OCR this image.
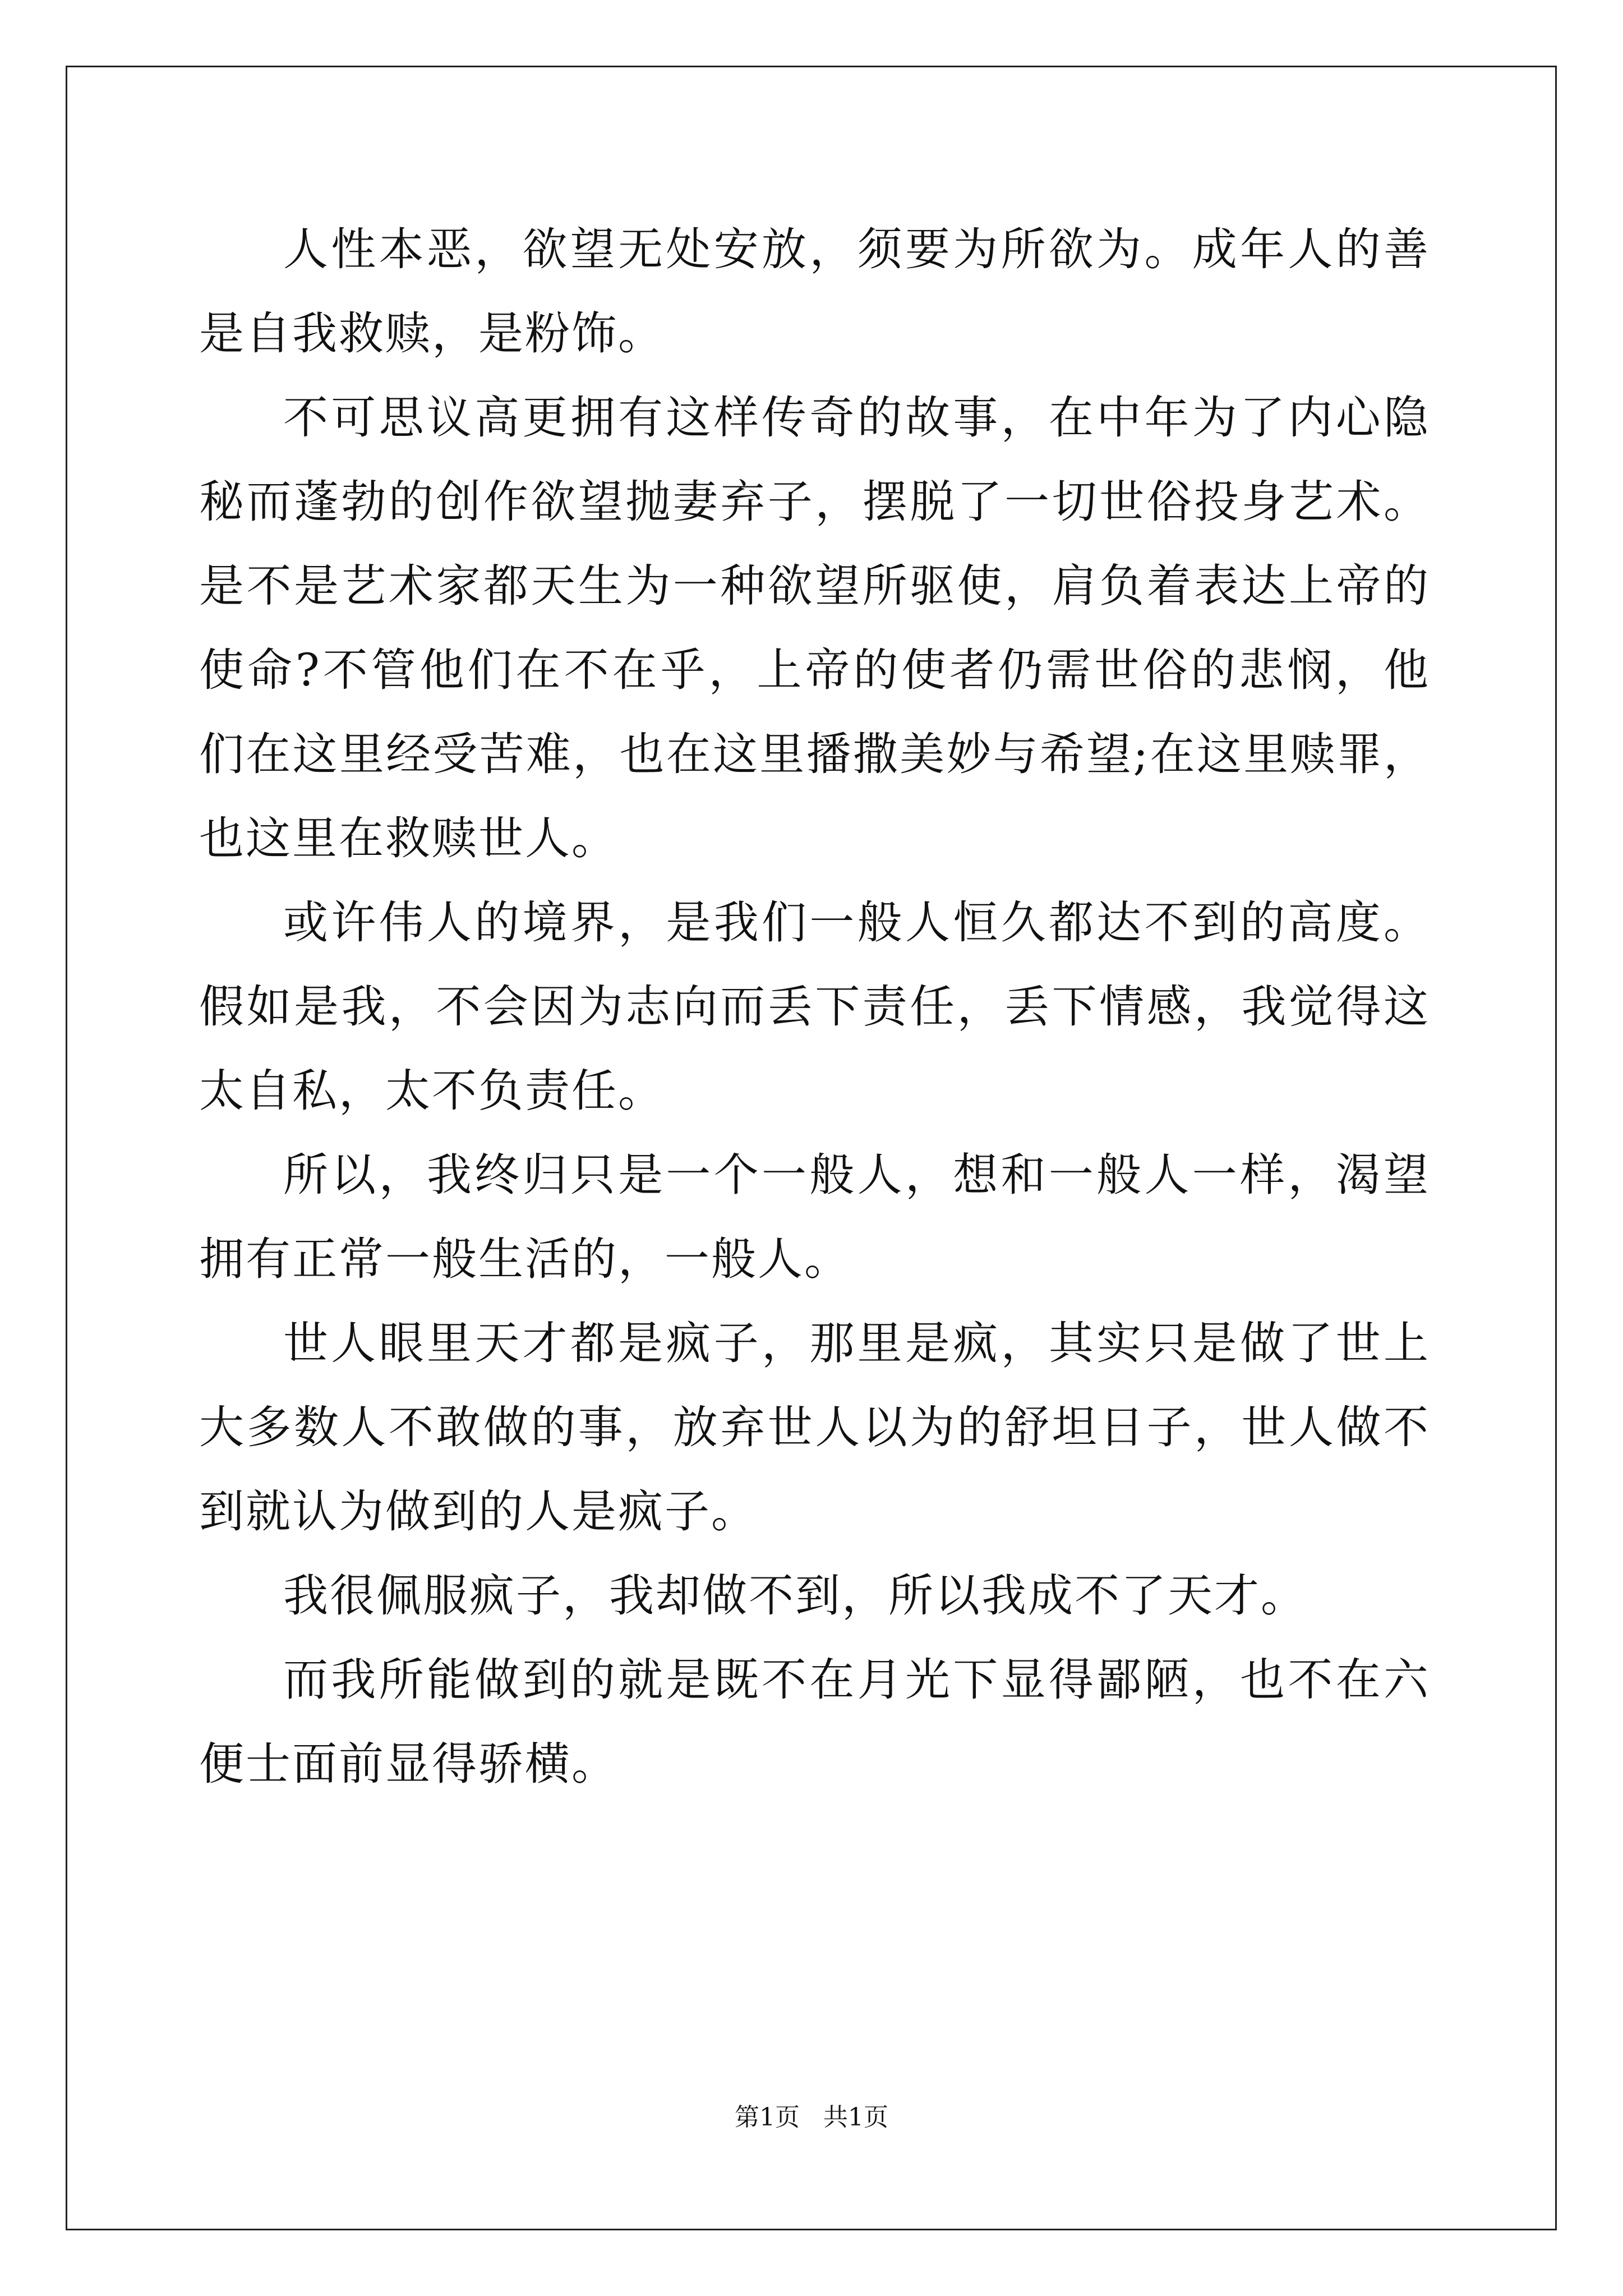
人性本恶，欲望无处安放，须要为所欲为。成年人的善是自我救赎，是粉饰。

不可思议高更拥有这样传奇的故事，在中年为了内心隐秘而蓬勃的创作欲望抛妻弃子，摆脱了一切世俗投身艺术。是不是艺术家都天生为一种欲望所驱使，肩负着表达上帝的使命?不管他们在不在乎，上帝的使者仍需世俗的悲悯，他们在这里经受苦难，也在这里播撒美妙与希望;在这里赎罪，也这里在救赎世人。

或许伟人的境界，是我们一般人恒久都达不到的高度。假如是我，不会因为志向而丢下责任，丢下情感，我觉得这太自私，太不负责任。

所以，我终归只是一个一般人，想和一般人一样，渴望拥有正常一般生活的，一般人。

世人眼里天才都是疯子，那里是疯，其实只是做了世上大多数人不敢做的事，放弃世人以为的舒坦日子，世人做不到就认为做到的人是疯子。

我很佩服疯子，我却做不到，所以我成不了天才。

而我所能做到的就是既不在月光下显得鄙陋，也不在六便士面前显得骄横。

第1页 共1页
